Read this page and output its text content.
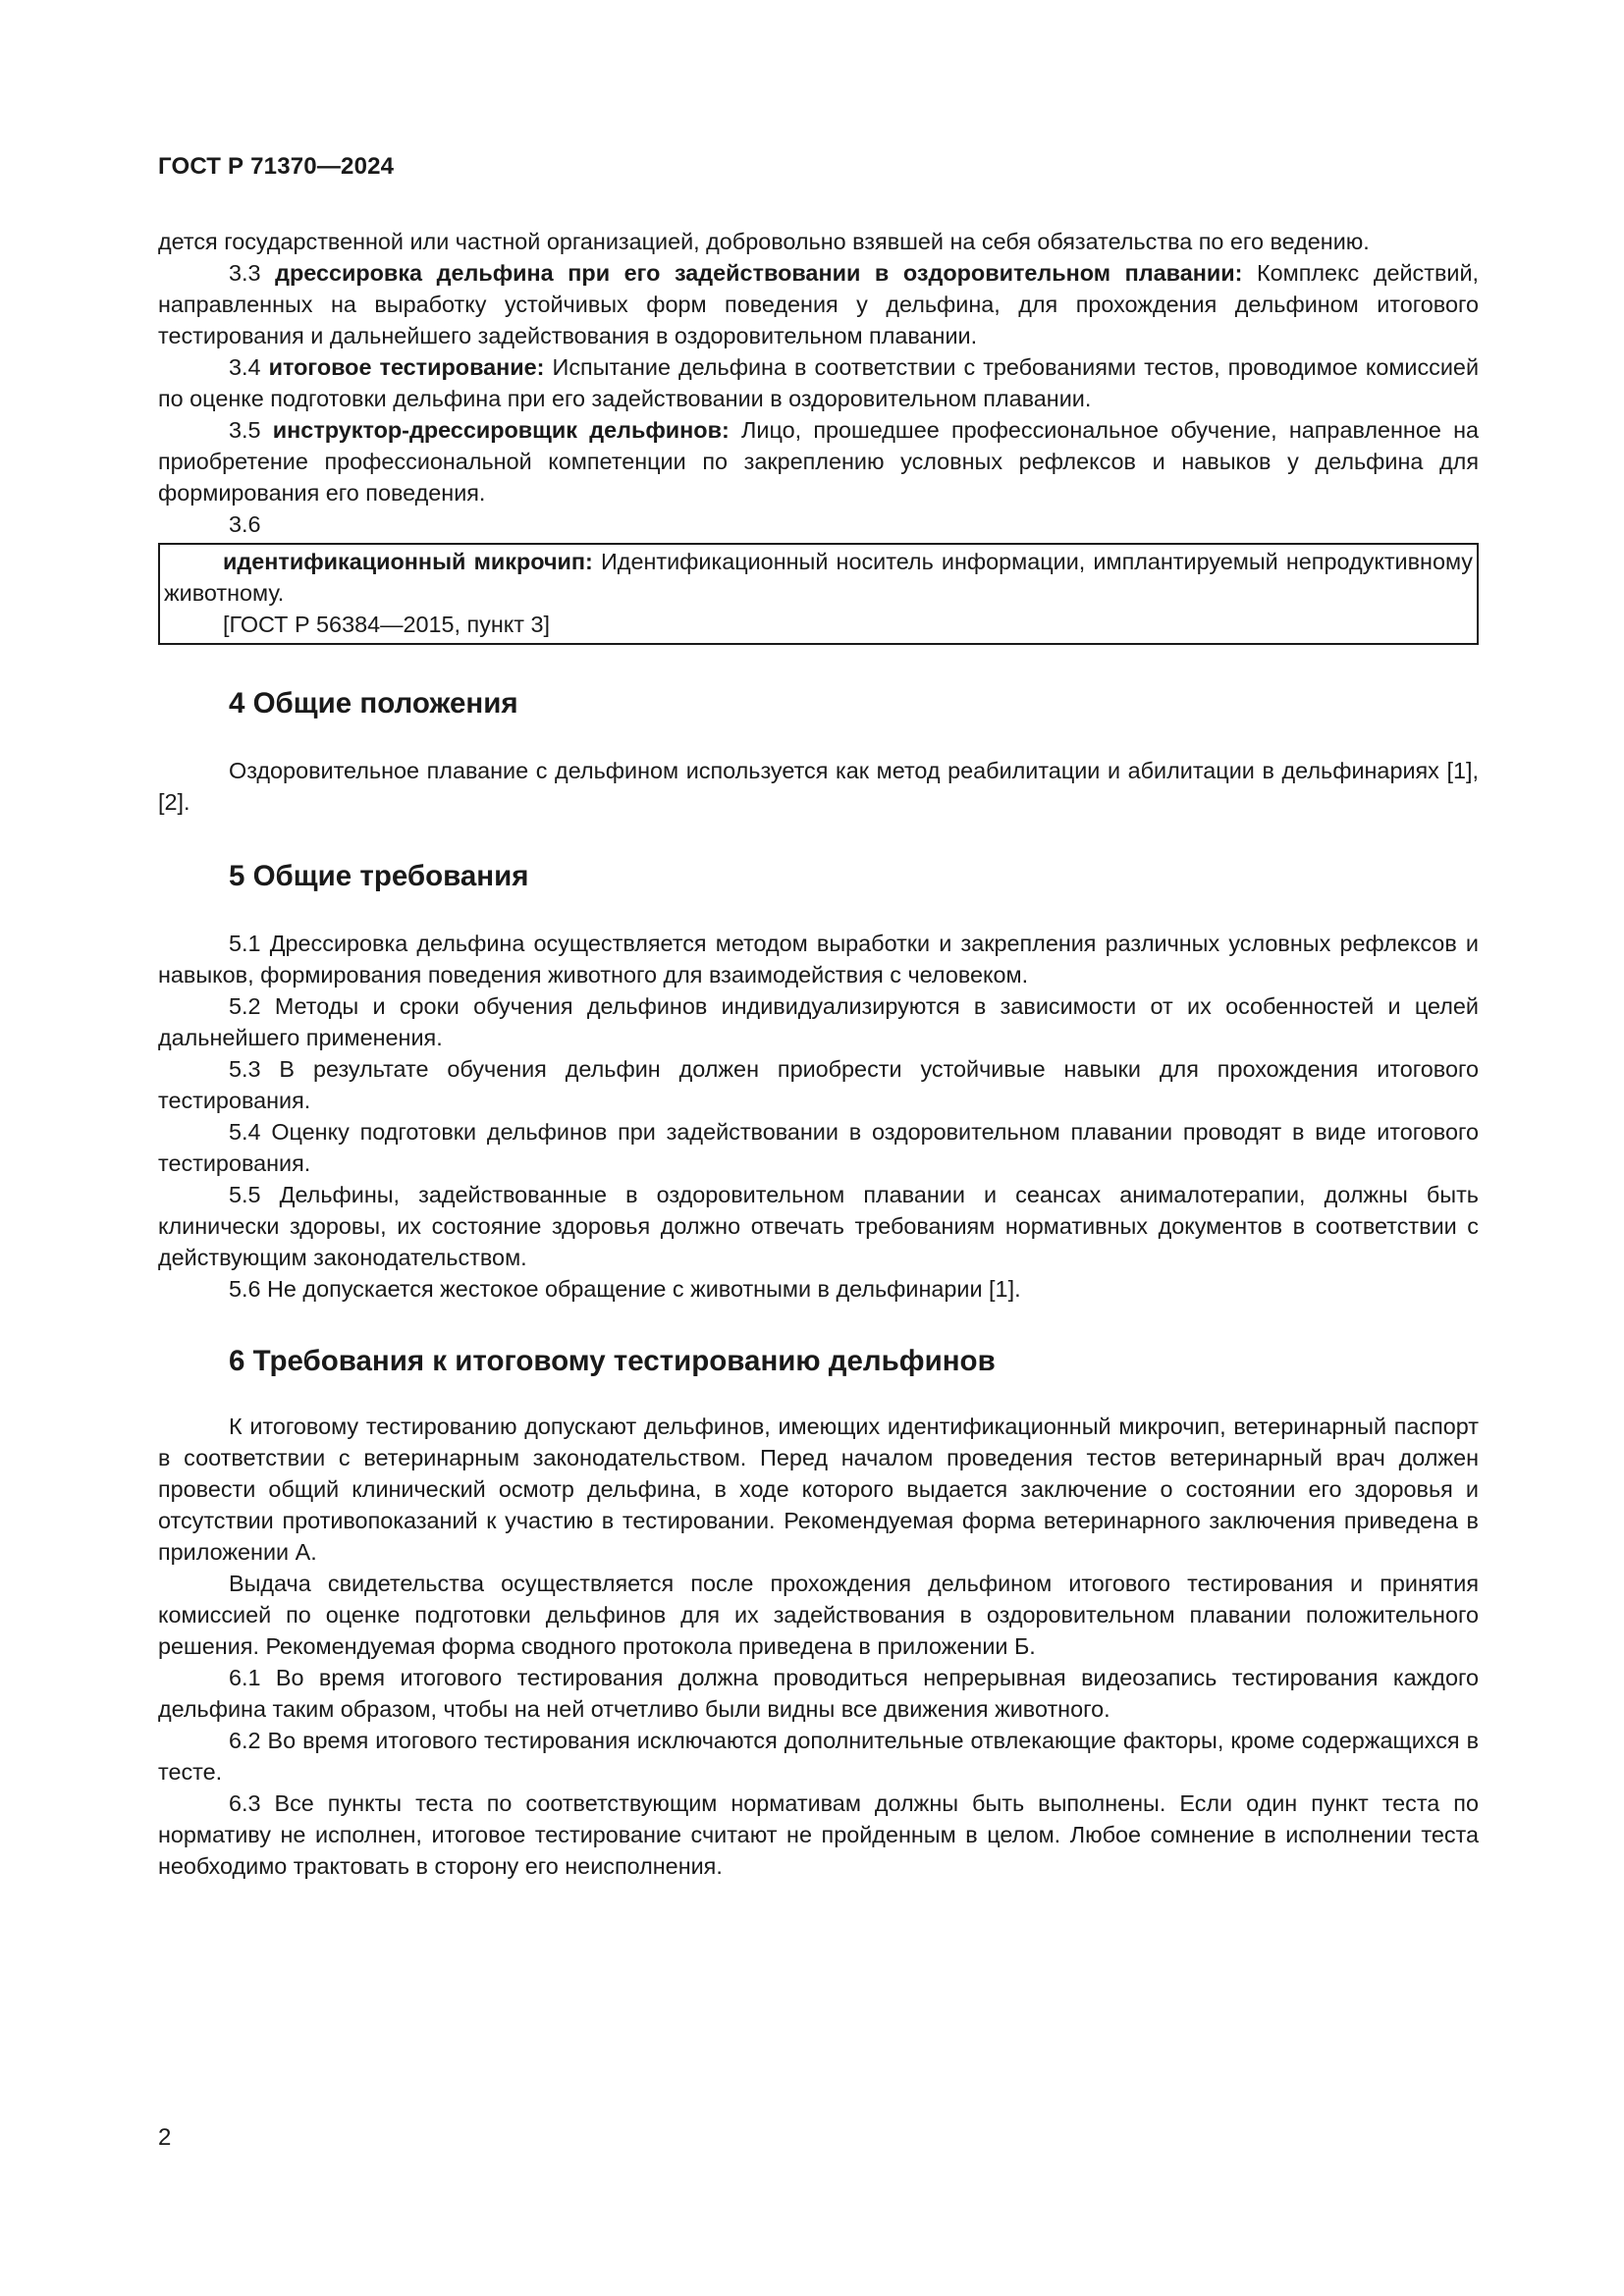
ГОСТ Р 71370—2024

дется государственной или частной организацией, добровольно взявшей на себя обязательства по его ведению.

3.3 дрессировка дельфина при его задействовании в оздоровительном плавании: Комплекс действий, направленных на выработку устойчивых форм поведения у дельфина, для прохождения дельфином итогового тестирования и дальнейшего задействования в оздоровительном плавании.

3.4 итоговое тестирование: Испытание дельфина в соответствии с требованиями тестов, проводимое комиссией по оценке подготовки дельфина при его задействовании в оздоровительном плавании.

3.5 инструктор-дрессировщик дельфинов: Лицо, прошедшее профессиональное обучение, направленное на приобретение профессиональной компетенции по закреплению условных рефлексов и навыков у дельфина для формирования его поведения.

3.6

идентификационный микрочип: Идентификационный носитель информации, имплантируемый непродуктивному животному.

[ГОСТ Р 56384—2015, пункт 3]

4 Общие положения

Оздоровительное плавание с дельфином используется как метод реабилитации и абилитации в дельфинариях [1], [2].

5 Общие требования

5.1 Дрессировка дельфина осуществляется методом выработки и закрепления различных условных рефлексов и навыков, формирования поведения животного для взаимодействия с человеком.

5.2 Методы и сроки обучения дельфинов индивидуализируются в зависимости от их особенностей и целей дальнейшего применения.

5.3 В результате обучения дельфин должен приобрести устойчивые навыки для прохождения итогового тестирования.

5.4 Оценку подготовки дельфинов при задействовании в оздоровительном плавании проводят в виде итогового тестирования.

5.5 Дельфины, задействованные в оздоровительном плавании и сеансах анималотерапии, должны быть клинически здоровы, их состояние здоровья должно отвечать требованиям нормативных документов в соответствии с действующим законодательством.

5.6 Не допускается жестокое обращение с животными в дельфинарии [1].

6 Требования к итоговому тестированию дельфинов

К итоговому тестированию допускают дельфинов, имеющих идентификационный микрочип, ветеринарный паспорт в соответствии с ветеринарным законодательством. Перед началом проведения тестов ветеринарный врач должен провести общий клинический осмотр дельфина, в ходе которого выдается заключение о состоянии его здоровья и отсутствии противопоказаний к участию в тестировании. Рекомендуемая форма ветеринарного заключения приведена в приложении А.

Выдача свидетельства осуществляется после прохождения дельфином итогового тестирования и принятия комиссией по оценке подготовки дельфинов для их задействования в оздоровительном плавании положительного решения. Рекомендуемая форма сводного протокола приведена в приложении Б.

6.1 Во время итогового тестирования должна проводиться непрерывная видеозапись тестирования каждого дельфина таким образом, чтобы на ней отчетливо были видны все движения животного.

6.2 Во время итогового тестирования исключаются дополнительные отвлекающие факторы, кроме содержащихся в тесте.

6.3 Все пункты теста по соответствующим нормативам должны быть выполнены. Если один пункт теста по нормативу не исполнен, итоговое тестирование считают не пройденным в целом. Любое сомнение в исполнении теста необходимо трактовать в сторону его неисполнения.

2
